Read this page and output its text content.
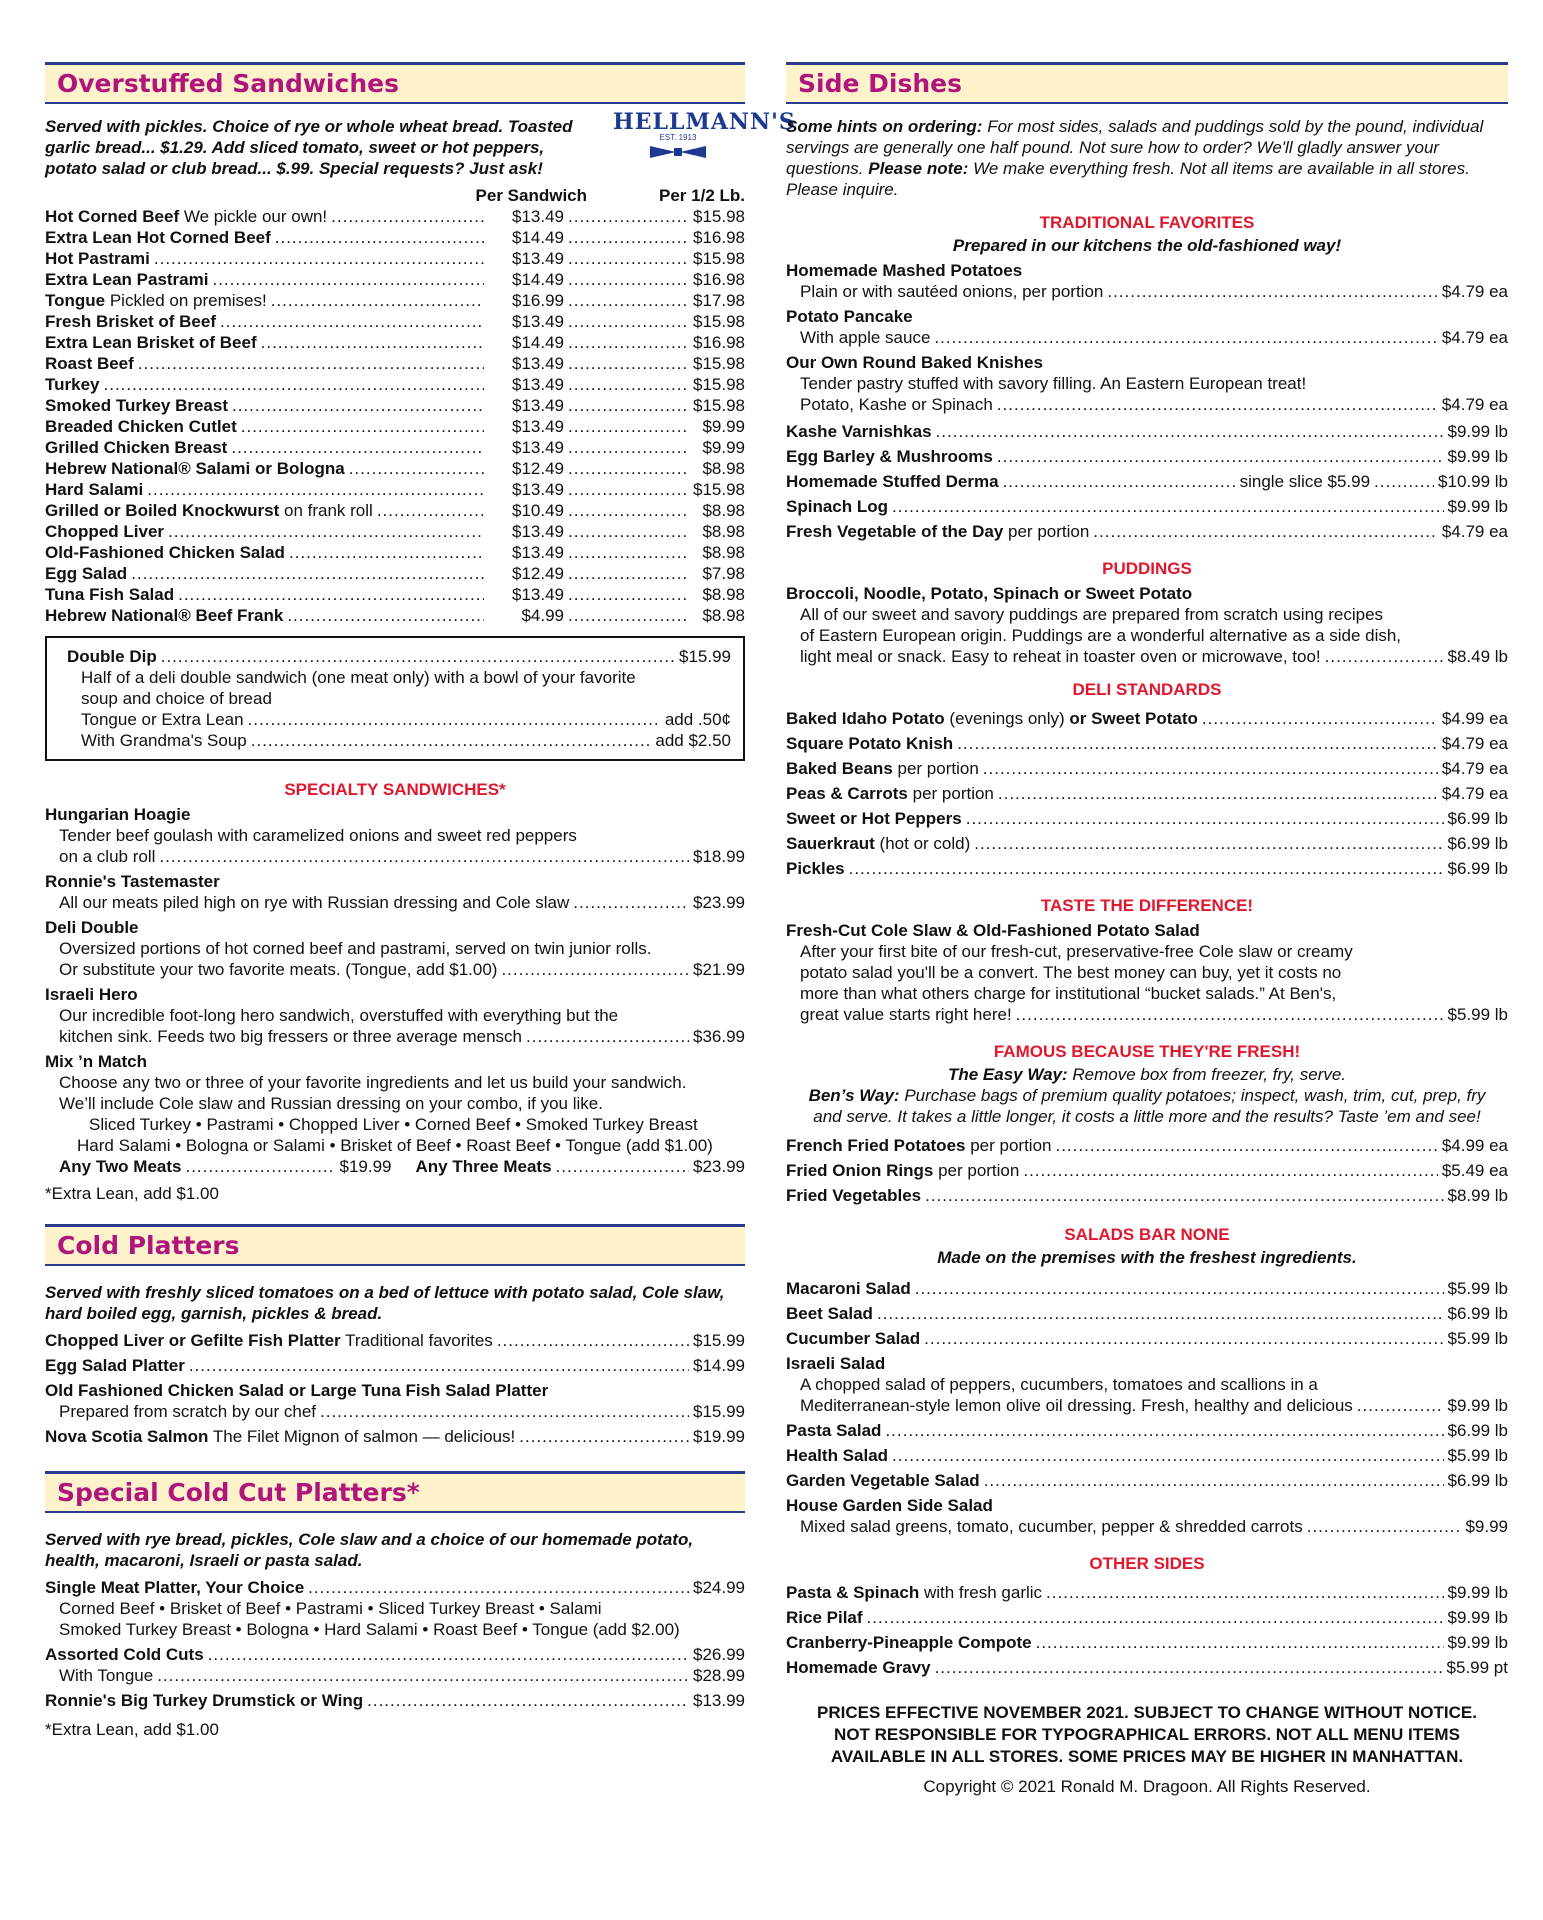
Overstuffed Sandwiches
Served with pickles. Choice of rye or whole wheat bread. Toasted garlic bread... $1.29. Add sliced tomato, sweet or hot peppers, potato salad or club bread... $.99. Special requests? Just ask!
HELLMANN'S
EST. 1913
Per Sandwich	Per 1/2 Lb.
Hot Corned Beef We pickle our own! .....	$13.49 .....	$15.98
Extra Lean Hot Corned Beef .....	$14.49 .....	$16.98
Hot Pastrami .....	$13.49 .....	$15.98
Extra Lean Pastrami .....	$14.49 .....	$16.98
Tongue Pickled on premises! .....	$16.99 .....	$17.98
Fresh Brisket of Beef .....	$13.49 .....	$15.98
Extra Lean Brisket of Beef .....	$14.49 .....	$16.98
Roast Beef .....	$13.49 .....	$15.98
Turkey .....	$13.49 .....	$15.98
Smoked Turkey Breast .....	$13.49 .....	$15.98
Breaded Chicken Cutlet .....	$13.49 .....	$9.99
Grilled Chicken Breast .....	$13.49 .....	$9.99
Hebrew National® Salami or Bologna .....	$12.49 .....	$8.98
Hard Salami .....	$13.49 .....	$15.98
Grilled or Boiled Knockwurst on frank roll .....	$10.49 .....	$8.98
Chopped Liver .....	$13.49 .....	$8.98
Old-Fashioned Chicken Salad .....	$13.49 .....	$8.98
Egg Salad .....	$12.49 .....	$7.98
Tuna Fish Salad .....	$13.49 .....	$8.98
Hebrew National® Beef Frank .....	$4.99 .....	$8.98
Double Dip .....	$15.99
Half of a deli double sandwich (one meat only) with a bowl of your favorite
soup and choice of bread
Tongue or Extra Lean .....	add .50¢
With Grandma's Soup .....	add $2.50
SPECIALTY SANDWICHES*
Hungarian Hoagie
Tender beef goulash with caramelized onions and sweet red peppers
on a club roll .....	$18.99
Ronnie's Tastemaster
All our meats piled high on rye with Russian dressing and Cole slaw .....	$23.99
Deli Double
Oversized portions of hot corned beef and pastrami, served on twin junior rolls.
Or substitute your two favorite meats. (Tongue, add $1.00) .....	$21.99
Israeli Hero
Our incredible foot-long hero sandwich, overstuffed with everything but the
kitchen sink. Feeds two big fressers or three average mensch .....	$36.99
Mix ’n Match
Choose any two or three of your favorite ingredients and let us build your sandwich.
We’ll include Cole slaw and Russian dressing on your combo, if you like.
Sliced Turkey • Pastrami • Chopped Liver • Corned Beef • Smoked Turkey Breast
Hard Salami • Bologna or Salami • Brisket of Beef • Roast Beef • Tongue (add $1.00)
Any Two Meats .....	$19.99 Any Three Meats .....	$23.99
*Extra Lean, add $1.00
Cold Platters
Served with freshly sliced tomatoes on a bed of lettuce with potato salad, Cole slaw, hard boiled egg, garnish, pickles & bread.
Chopped Liver or Gefilte Fish Platter Traditional favorites .....	$15.99
Egg Salad Platter .....	$14.99
Old Fashioned Chicken Salad or Large Tuna Fish Salad Platter
Prepared from scratch by our chef .....	$15.99
Nova Scotia Salmon The Filet Mignon of salmon — delicious! .....	$19.99
Special Cold Cut Platters*
Served with rye bread, pickles, Cole slaw and a choice of our homemade potato, health, macaroni, Israeli or pasta salad.
Single Meat Platter, Your Choice .....	$24.99
Corned Beef • Brisket of Beef • Pastrami • Sliced Turkey Breast • Salami
Smoked Turkey Breast • Bologna • Hard Salami • Roast Beef • Tongue (add $2.00)
Assorted Cold Cuts .....	$26.99
With Tongue .....	$28.99
Ronnie's Big Turkey Drumstick or Wing .....	$13.99
*Extra Lean, add $1.00
Side Dishes
Some hints on ordering: For most sides, salads and puddings sold by the pound, individual servings are generally one half pound. Not sure how to order? We'll gladly answer your questions. Please note: We make everything fresh. Not all items are available in all stores. Please inquire.
TRADITIONAL FAVORITES
Prepared in our kitchens the old-fashioned way!
Homemade Mashed Potatoes
Plain or with sautéed onions, per portion .....	$4.79 ea
Potato Pancake
With apple sauce .....	$4.79 ea
Our Own Round Baked Knishes
Tender pastry stuffed with savory filling. An Eastern European treat!
Potato, Kashe or Spinach .....	$4.79 ea
Kashe Varnishkas .....	$9.99 lb
Egg Barley & Mushrooms .....	$9.99 lb
Homemade Stuffed Derma .....	single slice $5.99 .....	$10.99 lb
Spinach Log .....	$9.99 lb
Fresh Vegetable of the Day per portion .....	$4.79 ea
PUDDINGS
Broccoli, Noodle, Potato, Spinach or Sweet Potato
All of our sweet and savory puddings are prepared from scratch using recipes
of Eastern European origin. Puddings are a wonderful alternative as a side dish,
light meal or snack. Easy to reheat in toaster oven or microwave, too! .....	$8.49 lb
DELI STANDARDS
Baked Idaho Potato (evenings only) or Sweet Potato .....	$4.99 ea
Square Potato Knish .....	$4.79 ea
Baked Beans per portion .....	$4.79 ea
Peas & Carrots per portion .....	$4.79 ea
Sweet or Hot Peppers .....	$6.99 lb
Sauerkraut (hot or cold) .....	$6.99 lb
Pickles .....	$6.99 lb
TASTE THE DIFFERENCE!
Fresh-Cut Cole Slaw & Old-Fashioned Potato Salad
After your first bite of our fresh-cut, preservative-free Cole slaw or creamy
potato salad you'll be a convert. The best money can buy, yet it costs no
more than what others charge for institutional “bucket salads.” At Ben's,
great value starts right here! .....	$5.99 lb
FAMOUS BECAUSE THEY'RE FRESH!
The Easy Way: Remove box from freezer, fry, serve.
Ben’s Way: Purchase bags of premium quality potatoes; inspect, wash, trim, cut, prep, fry
and serve. It takes a little longer, it costs a little more and the results? Taste ’em and see!
French Fried Potatoes per portion .....	$4.99 ea
Fried Onion Rings per portion .....	$5.49 ea
Fried Vegetables .....	$8.99 lb
SALADS BAR NONE
Made on the premises with the freshest ingredients.
Macaroni Salad .....	$5.99 lb
Beet Salad .....	$6.99 lb
Cucumber Salad .....	$5.99 lb
Israeli Salad
A chopped salad of peppers, cucumbers, tomatoes and scallions in a
Mediterranean-style lemon olive oil dressing. Fresh, healthy and delicious .....	$9.99 lb
Pasta Salad .....	$6.99 lb
Health Salad .....	$5.99 lb
Garden Vegetable Salad .....	$6.99 lb
House Garden Side Salad
Mixed salad greens, tomato, cucumber, pepper & shredded carrots .....	$9.99
OTHER SIDES
Pasta & Spinach with fresh garlic .....	$9.99 lb
Rice Pilaf .....	$9.99 lb
Cranberry-Pineapple Compote .....	$9.99 lb
Homemade Gravy .....	$5.99 pt
PRICES EFFECTIVE NOVEMBER 2021. SUBJECT TO CHANGE WITHOUT NOTICE.
NOT RESPONSIBLE FOR TYPOGRAPHICAL ERRORS. NOT ALL MENU ITEMS
AVAILABLE IN ALL STORES. SOME PRICES MAY BE HIGHER IN MANHATTAN.
Copyright © 2021 Ronald M. Dragoon. All Rights Reserved.
